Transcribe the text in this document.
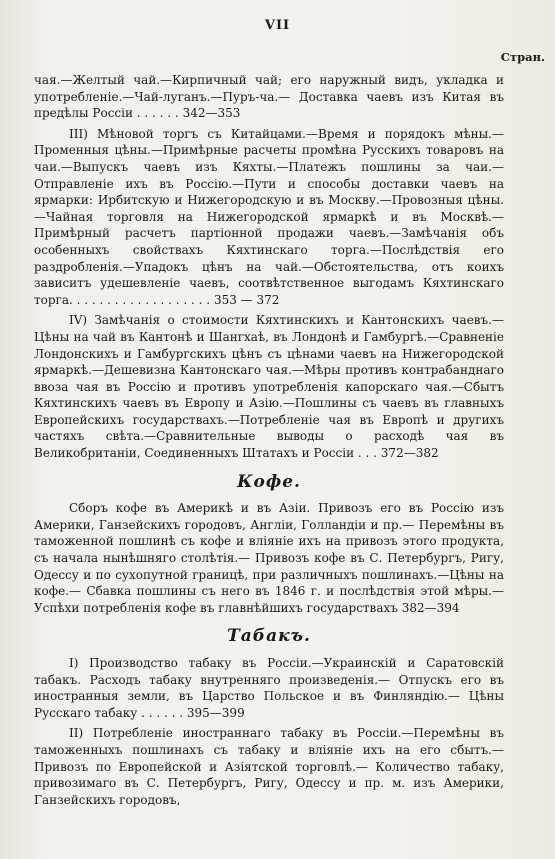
VII
Стран.

чая.—Желтый чай.—Кирпичный чай; его наружный видъ, укладка и употребленіе.—Чай-луганъ.—Пуръ-ча.— Доставка чаевъ изъ Китая въ предѣлы Россіи . . . . . . 342—353

III) Мѣновой торгъ съ Китайцами.—Время и порядокъ мѣны.—Променныя цѣны.—Примѣрные расчеты промѣна Русскихъ товаровъ на чаи.—Выпускъ чаевъ изъ Кяхты.—Платежъ пошлины за чаи.—Отправленіе ихъ въ Россію.—Пути и способы доставки чаевъ на ярмарки: Ирбитскую и Нижегородскую и въ Москву.—Провозныя цѣны.—Чайная торговля на Нижегородской ярмаркѣ и въ Москвѣ.—Примѣрный расчетъ партіонной продажи чаевъ.—Замѣчанія объ особенныхъ свойствахъ Кяхтинскаго торга.—Послѣдствія его раздробленія.—Упадокъ цѣнъ на чай.—Обстоятельства, отъ коихъ зависитъ удешевленіе чаевъ, соотвѣтственное выгодамъ Кяхтинскаго торга. . . . . . . . . . . . . . . . . . . 353 — 372

IV) Замѣчанія о стоимости Кяхтинскихъ и Кантонскихъ чаевъ.—Цѣны на чай въ Кантонѣ и Шангхаѣ, въ Лондонѣ и Гамбургѣ.—Сравненіе Лондонскихъ и Гамбургскихъ цѣнъ съ цѣнами чаевъ на Нижегородской ярмаркѣ.—Дешевизна Кантонскаго чая.—Мѣры противъ контрабанднаго ввоза чая въ Россію и противъ употребленія капорскаго чая.—Сбытъ Кяхтинскихъ чаевъ въ Европу и Азію.—Пошлины съ чаевъ въ главныхъ Европейскихъ государствахъ.—Потребленіе чая въ Европѣ и другихъ частяхъ свѣта.—Сравнительные выводы о расходѣ чая въ Великобританіи, Соединенныхъ Штатахъ и Россіи . . . 372—382

Кофе.

Сборъ кофе въ Америкѣ и въ Азіи. Привозъ его въ Россію изъ Америки, Ганзейскихъ городовъ, Англіи, Голландіи и пр.— Перемѣны въ таможенной пошлинѣ съ кофе и вліяніе ихъ на привозъ этого продукта, съ начала нынѣшняго столѣтія.— Привозъ кофе въ С. Петербургъ, Ригу, Одессу и по сухопутной границѣ, при различныхъ пошлинахъ.—Цѣны на кофе.— Сбавка пошлины съ него въ 1846 г. и послѣдствія этой мѣры.— Успѣхи потребленія кофе въ главнѣйшихъ государствахъ 382—394

Табакъ.

I) Производство табаку въ Россіи.—Украинскій и Саратовскій табакъ. Расходъ табаку внутренняго произведенія.— Отпускъ его въ иностранныя земли, въ Царство Польское и въ Финляндію.— Цѣны Русскаго табаку . . . . . . 395—399

II) Потребленіе иностраннаго табаку въ Россіи.—Перемѣны въ таможенныхъ пошлинахъ съ табаку и вліяніе ихъ на его сбытъ.—Привозъ по Европейской и Азіятской торговлѣ.— Количество табаку, привозимаго въ С. Петербургъ, Ригу, Одессу и пр. м. изъ Америки, Ганзейскихъ городовъ,
